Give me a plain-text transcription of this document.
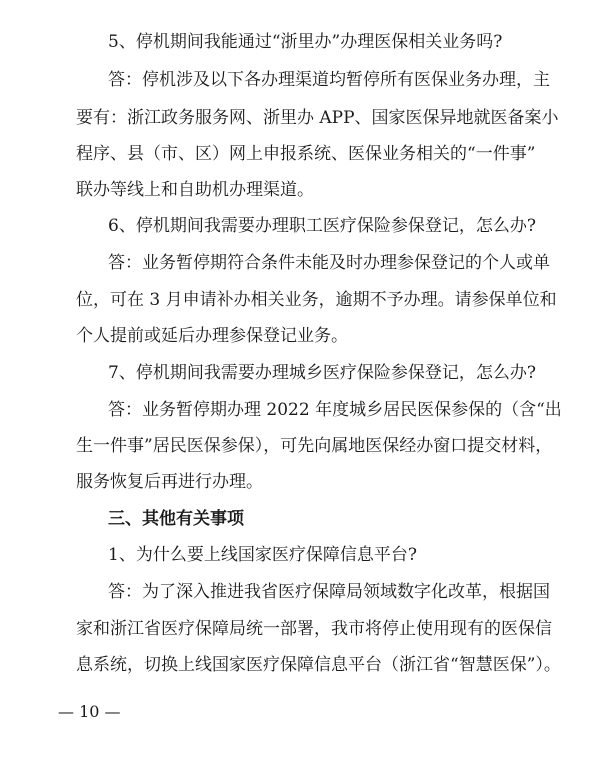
5、停机期间我能通过“浙里办”办理医保相关业务吗?
答：停机涉及以下各办理渠道均暂停所有医保业务办理，主
要有：浙江政务服务网、浙里办 APP、国家医保异地就医备案小
程序、县（市、区）网上申报系统、医保业务相关的“一件事”
联办等线上和自助机办理渠道。
6、停机期间我需要办理职工医疗保险参保登记，怎么办?
答：业务暂停期符合条件未能及时办理参保登记的个人或单
位，可在 3 月申请补办相关业务，逾期不予办理。请参保单位和
个人提前或延后办理参保登记业务。
7、停机期间我需要办理城乡医疗保险参保登记，怎么办?
答：业务暂停期办理 2022 年度城乡居民医保参保的（含“出
生一件事”居民医保参保），可先向属地医保经办窗口提交材料，
服务恢复后再进行办理。
三、其他有关事项
1、为什么要上线国家医疗保障信息平台?
答：为了深入推进我省医疗保障局领域数字化改革，根据国
家和浙江省医疗保障局统一部署，我市将停止使用现有的医保信
息系统，切换上线国家医疗保障信息平台（浙江省“智慧医保”）。
— 10 —
